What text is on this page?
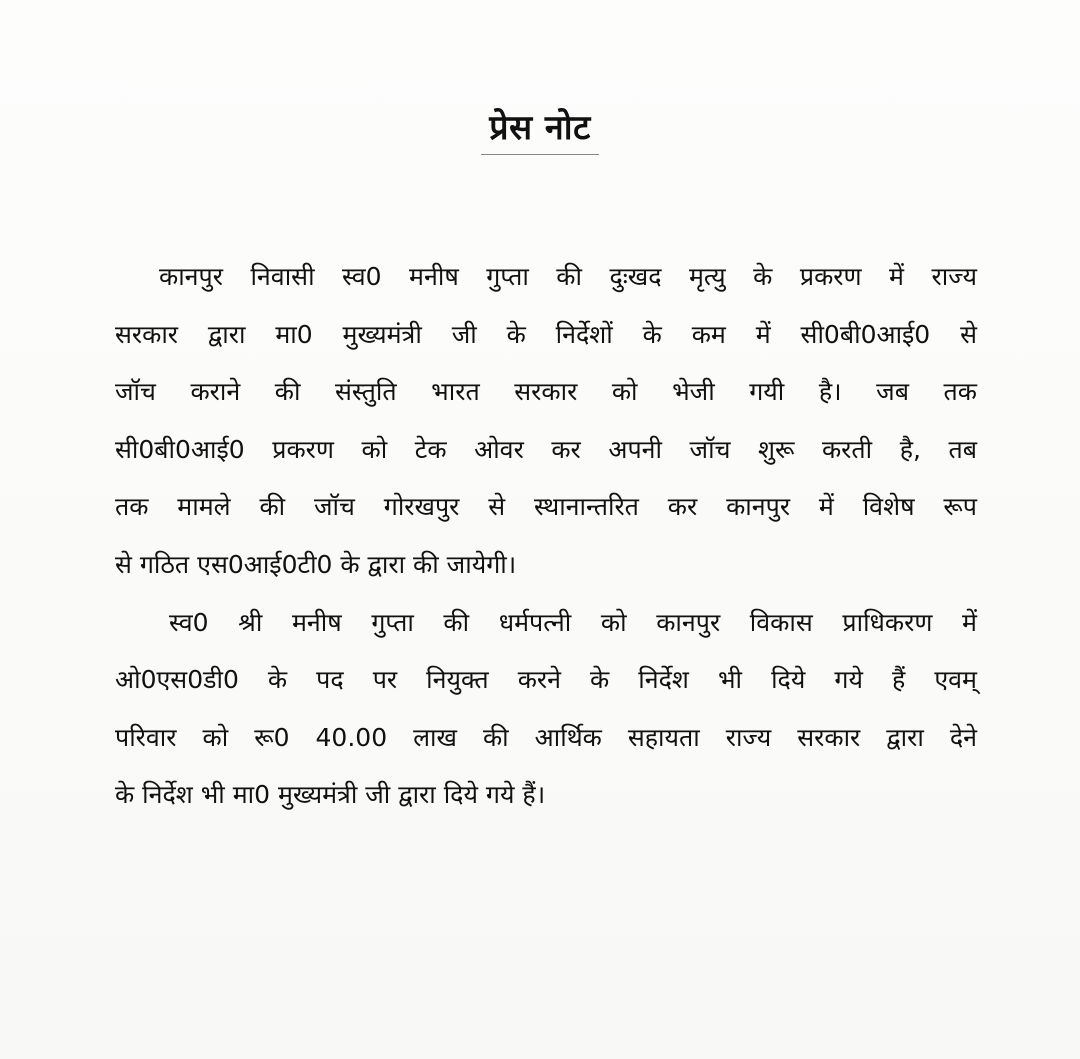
प्रेस नोट
कानपुर निवासी स्व0 मनीष गुप्ता की दुःखद मृत्यु के प्रकरण में राज्य
सरकार द्वारा मा0 मुख्यमंत्री जी के निर्देशों के कम में सी0बी0आई0 से
जॉच कराने की संस्तुति भारत सरकार को भेजी गयी है। जब तक
सी0बी0आई0 प्रकरण को टेक ओवर कर अपनी जॉच शुरू करती है, तब
तक मामले की जॉच गोरखपुर से स्थानान्तरित कर कानपुर में विशेष रूप
से गठित एस0आई0टी0 के द्वारा की जायेगी।
स्व0 श्री मनीष गुप्ता की धर्मपत्नी को कानपुर विकास प्राधिकरण में
ओ0एस0डी0 के पद पर नियुक्त करने के निर्देश भी दिये गये हैं एवम्
परिवार को रू0 40.00 लाख की आर्थिक सहायता राज्य सरकार द्वारा देने
के निर्देश भी मा0 मुख्यमंत्री जी द्वारा दिये गये हैं।
